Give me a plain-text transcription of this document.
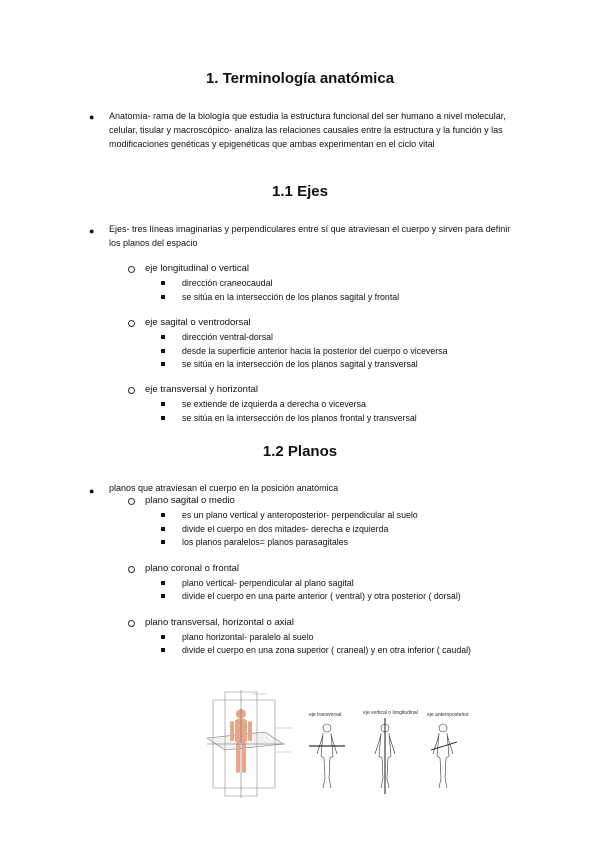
1. Terminología anatómica
● Anatomía- rama de la biología que estudia la estructura funcional del ser humano a nivel molecular, celular, tisular y macroscópico- analiza las relaciones causales entre la estructura y la función y las modificaciones genéticas y epigenéticas que ambas experimentan en el ciclo vital
1.1 Ejes
● Ejes- tres líneas imaginarias y perpendiculares entre sí que atraviesan el cuerpo y sirven para definir los planos del espacio
eje longitudinal o vertical
dirección craneocaudal
se sitúa en la intersección de los planos sagital y frontal
eje sagital o ventrodorsal
dirección ventral-dorsal
desde la superficie anterior hacia la posterior del cuerpo o viceversa
se sitúa en la intersección de los planos sagital y transversal
eje transversal y horizontal
se extiende de izquierda a derecha o viceversa
se sitúa en la intersección de los planos frontal y transversal
1.2 Planos
● planos que atraviesan el cuerpo en la posición anatómica
plano sagital o medio
es un plano vertical y anteroposterior- perpendicular al suelo
divide el cuerpo en dos mitades- derecha e izquierda
los planos paralelos= planos parasagitales
plano coronal o frontal
plano vertical- perpendicular al plano sagital
divide el cuerpo en una parte anterior ( ventral) y otra posterior ( dorsal)
plano transversal, horizontal o axial
plano horizontal- paralelo al suelo
divide el cuerpo en una zona superior ( craneal) y en otra inferior ( caudal)
eje transversal	eje vertical o longitudinal eje anteroposterior
